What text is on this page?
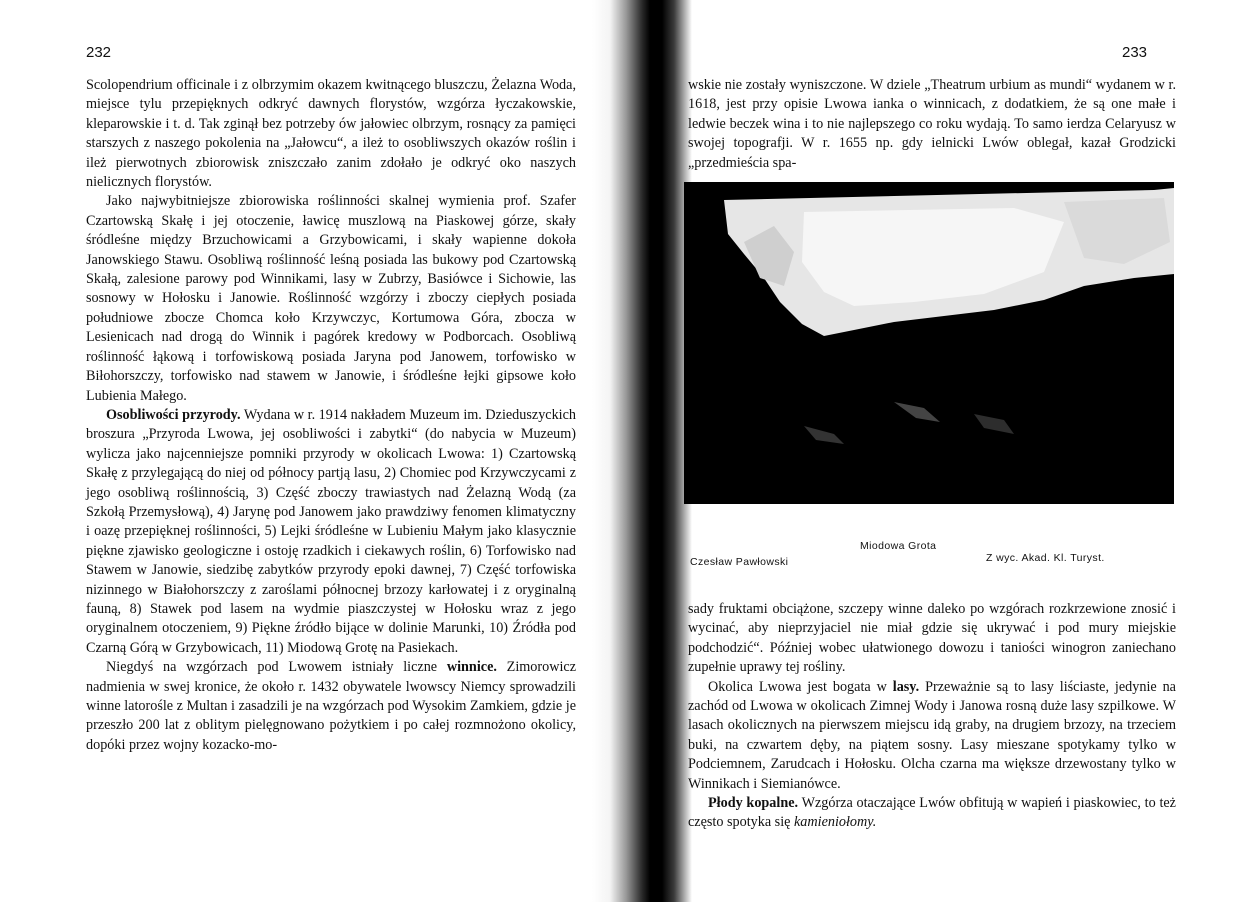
232

Scolopendrium officinale i z olbrzymim okazem kwitnącego bluszczu, Żelazna Woda, miejsce tylu przepięknych odkryć dawnych florystów, wzgórza łyczakowskie, kleparowskie i t. d. Tak zginął bez potrzeby ów jałowiec olbrzym, rosnący za pamięci starszych z naszego pokolenia na „Jałowcu“, a ileż to osobliwszych okazów roślin i ileż pierwotnych zbiorowisk zniszczało zanim zdołało je odkryć oko naszych nielicznych florystów.

Jako najwybitniejsze zbiorowiska roślinności skalnej wymienia prof. Szafer Czartowską Skałę i jej otoczenie, ławicę muszlową na Piaskowej górze, skały śródleśne między Brzuchowicami a Grzybowicami, i skały wapienne dokoła Janowskiego Stawu. Osobliwą roślinność leśną posiada las bukowy pod Czartowską Skałą, zalesione parowy pod Winnikami, lasy w Zubrzy, Basiówce i Sichowie, las sosnowy w Hołosku i Janowie. Roślinność wzgórzy i zboczy ciepłych posiada południowe zbocze Chomca koło Krzywczyc, Kortumowa Góra, zbocza w Lesienicach nad drogą do Winnik i pagórek kredowy w Podborcach. Osobliwą roślinność łąkową i torfowiskową posiada Jaryna pod Janowem, torfowisko w Biłohorszczy, torfowisko nad stawem w Janowie, i śródleśne łejki gipsowe koło Lubienia Małego.

Osobliwości przyrody. Wydana w r. 1914 nakładem Muzeum im. Dzieduszyckich broszura „Przyroda Lwowa, jej osobliwości i zabytki“ (do nabycia w Muzeum) wylicza jako najcenniejsze pomniki przyrody w okolicach Lwowa: 1) Czartowską Skałę z przylegającą do niej od północy partją lasu, 2) Chomiec pod Krzywczycami z jego osobliwą roślinnością, 3) Część zboczy trawiastych nad Żelazną Wodą (za Szkołą Przemysłową), 4) Jarynę pod Janowem jako prawdziwy fenomen klimatyczny i oazę przepięknej roślinności, 5) Lejki śródleśne w Lubieniu Małym jako klasycznie piękne zjawisko geologiczne i ostoję rzadkich i ciekawych roślin, 6) Torfowisko nad Stawem w Janowie, siedzibę zabytków przyrody epoki dawnej, 7) Część torfowiska nizinnego w Białohorszczy z zaroślami północnej brzozy karłowatej i z oryginalną fauną, 8) Stawek pod lasem na wydmie piaszczystej w Hołosku wraz z jego oryginalnem otoczeniem, 9) Piękne źródło bijące w dolinie Marunki, 10) Źródła pod Czarną Górą w Grzybowicach, 11) Miodową Grotę na Pasiekach.

Niegdyś na wzgórzach pod Lwowem istniały liczne winnice. Zimorowicz nadmienia w swej kronice, że około r. 1432 obywatele lwowscy Niemcy sprowadzili winne latorośle z Multan i zasadzili je na wzgórzach pod Wysokim Zamkiem, gdzie je przeszło 200 lat z oblitym pielęgnowano pożytkiem i po całej rozmnożono okolicy, dopóki przez wojny kozacko-mo-

233

wskie nie zostały wyniszczone. W dziele „Theatrum urbium as mundi“ wydanem w r. 1618, jest przy opisie Lwowa ianka o winnicach, z dodatkiem, że są one małe i ledwie beczek wina i to nie najlepszego co roku wydają. To samo ierdza Celaryusz w swojej topografji. W r. 1655 np. gdy ielnicki Lwów oblegał, kazał Grodzicki „przedmieścia spa-

Miodowa Grota
Czesław Pawłowski	Z wyc. Akad. Kl. Turyst.

sady fruktami obciążone, szczepy winne daleko po wzgórach rozkrzewione znosić i wycinać, aby nieprzyjaciel nie miał gdzie się ukrywać i pod mury miejskie podchodzić“. Później wobec ułatwionego dowozu i taniości winogron zaniechano zupełnie uprawy tej rośliny.

Okolica Lwowa jest bogata w lasy. Przeważnie są to lasy liściaste, jedynie na zachód od Lwowa w okolicach Zimnej Wody i Janowa rosną duże lasy szpilkowe. W lasach okolicznych na pierwszem miejscu idą graby, na drugiem brzozy, na trzeciem buki, na czwartem dęby, na piątem sosny. Lasy mieszane spotykamy tylko w Podciemnem, Zarudcach i Hołosku. Olcha czarna ma większe drzewostany tylko w Winnikach i Siemianówce.

Płody kopalne. Wzgórza otaczające Lwów obfitują w wapień i piaskowiec, to też często spotyka się kamieniołomy.
